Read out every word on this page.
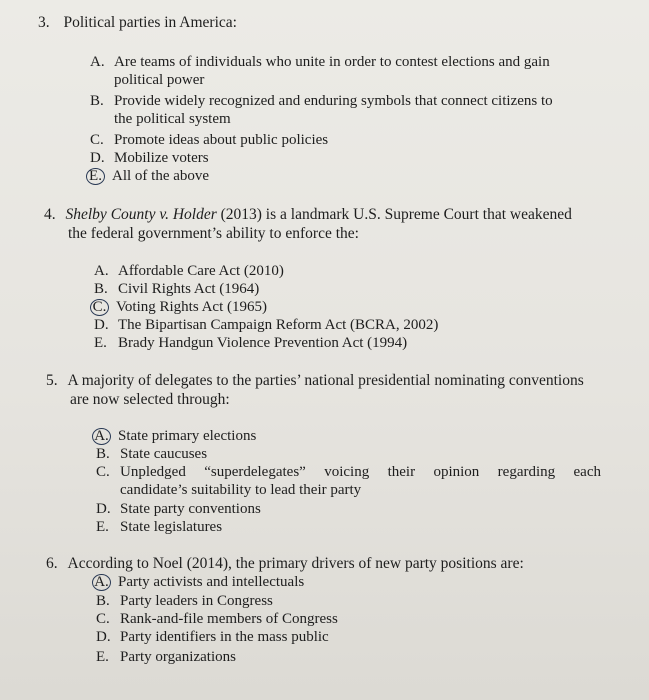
3. Political parties in America:
A. Are teams of individuals who unite in order to contest elections and gain
political power
B. Provide widely recognized and enduring symbols that connect citizens to
the political system
C. Promote ideas about public policies
D. Mobilize voters
E. All of the above
4. Shelby County v. Holder (2013) is a landmark U.S. Supreme Court that weakened
the federal government’s ability to enforce the:
A. Affordable Care Act (2010)
B. Civil Rights Act (1964)
C. Voting Rights Act (1965)
D. The Bipartisan Campaign Reform Act (BCRA, 2002)
E. Brady Handgun Violence Prevention Act (1994)
5. A majority of delegates to the parties’ national presidential nominating conventions
are now selected through:
A. State primary elections
B. State caucuses
C. Unpledged “superdelegates” voicing their opinion regarding each
candidate’s suitability to lead their party
D. State party conventions
E. State legislatures
6. According to Noel (2014), the primary drivers of new party positions are:
A. Party activists and intellectuals
B. Party leaders in Congress
C. Rank-and-file members of Congress
D. Party identifiers in the mass public
E. Party organizations
